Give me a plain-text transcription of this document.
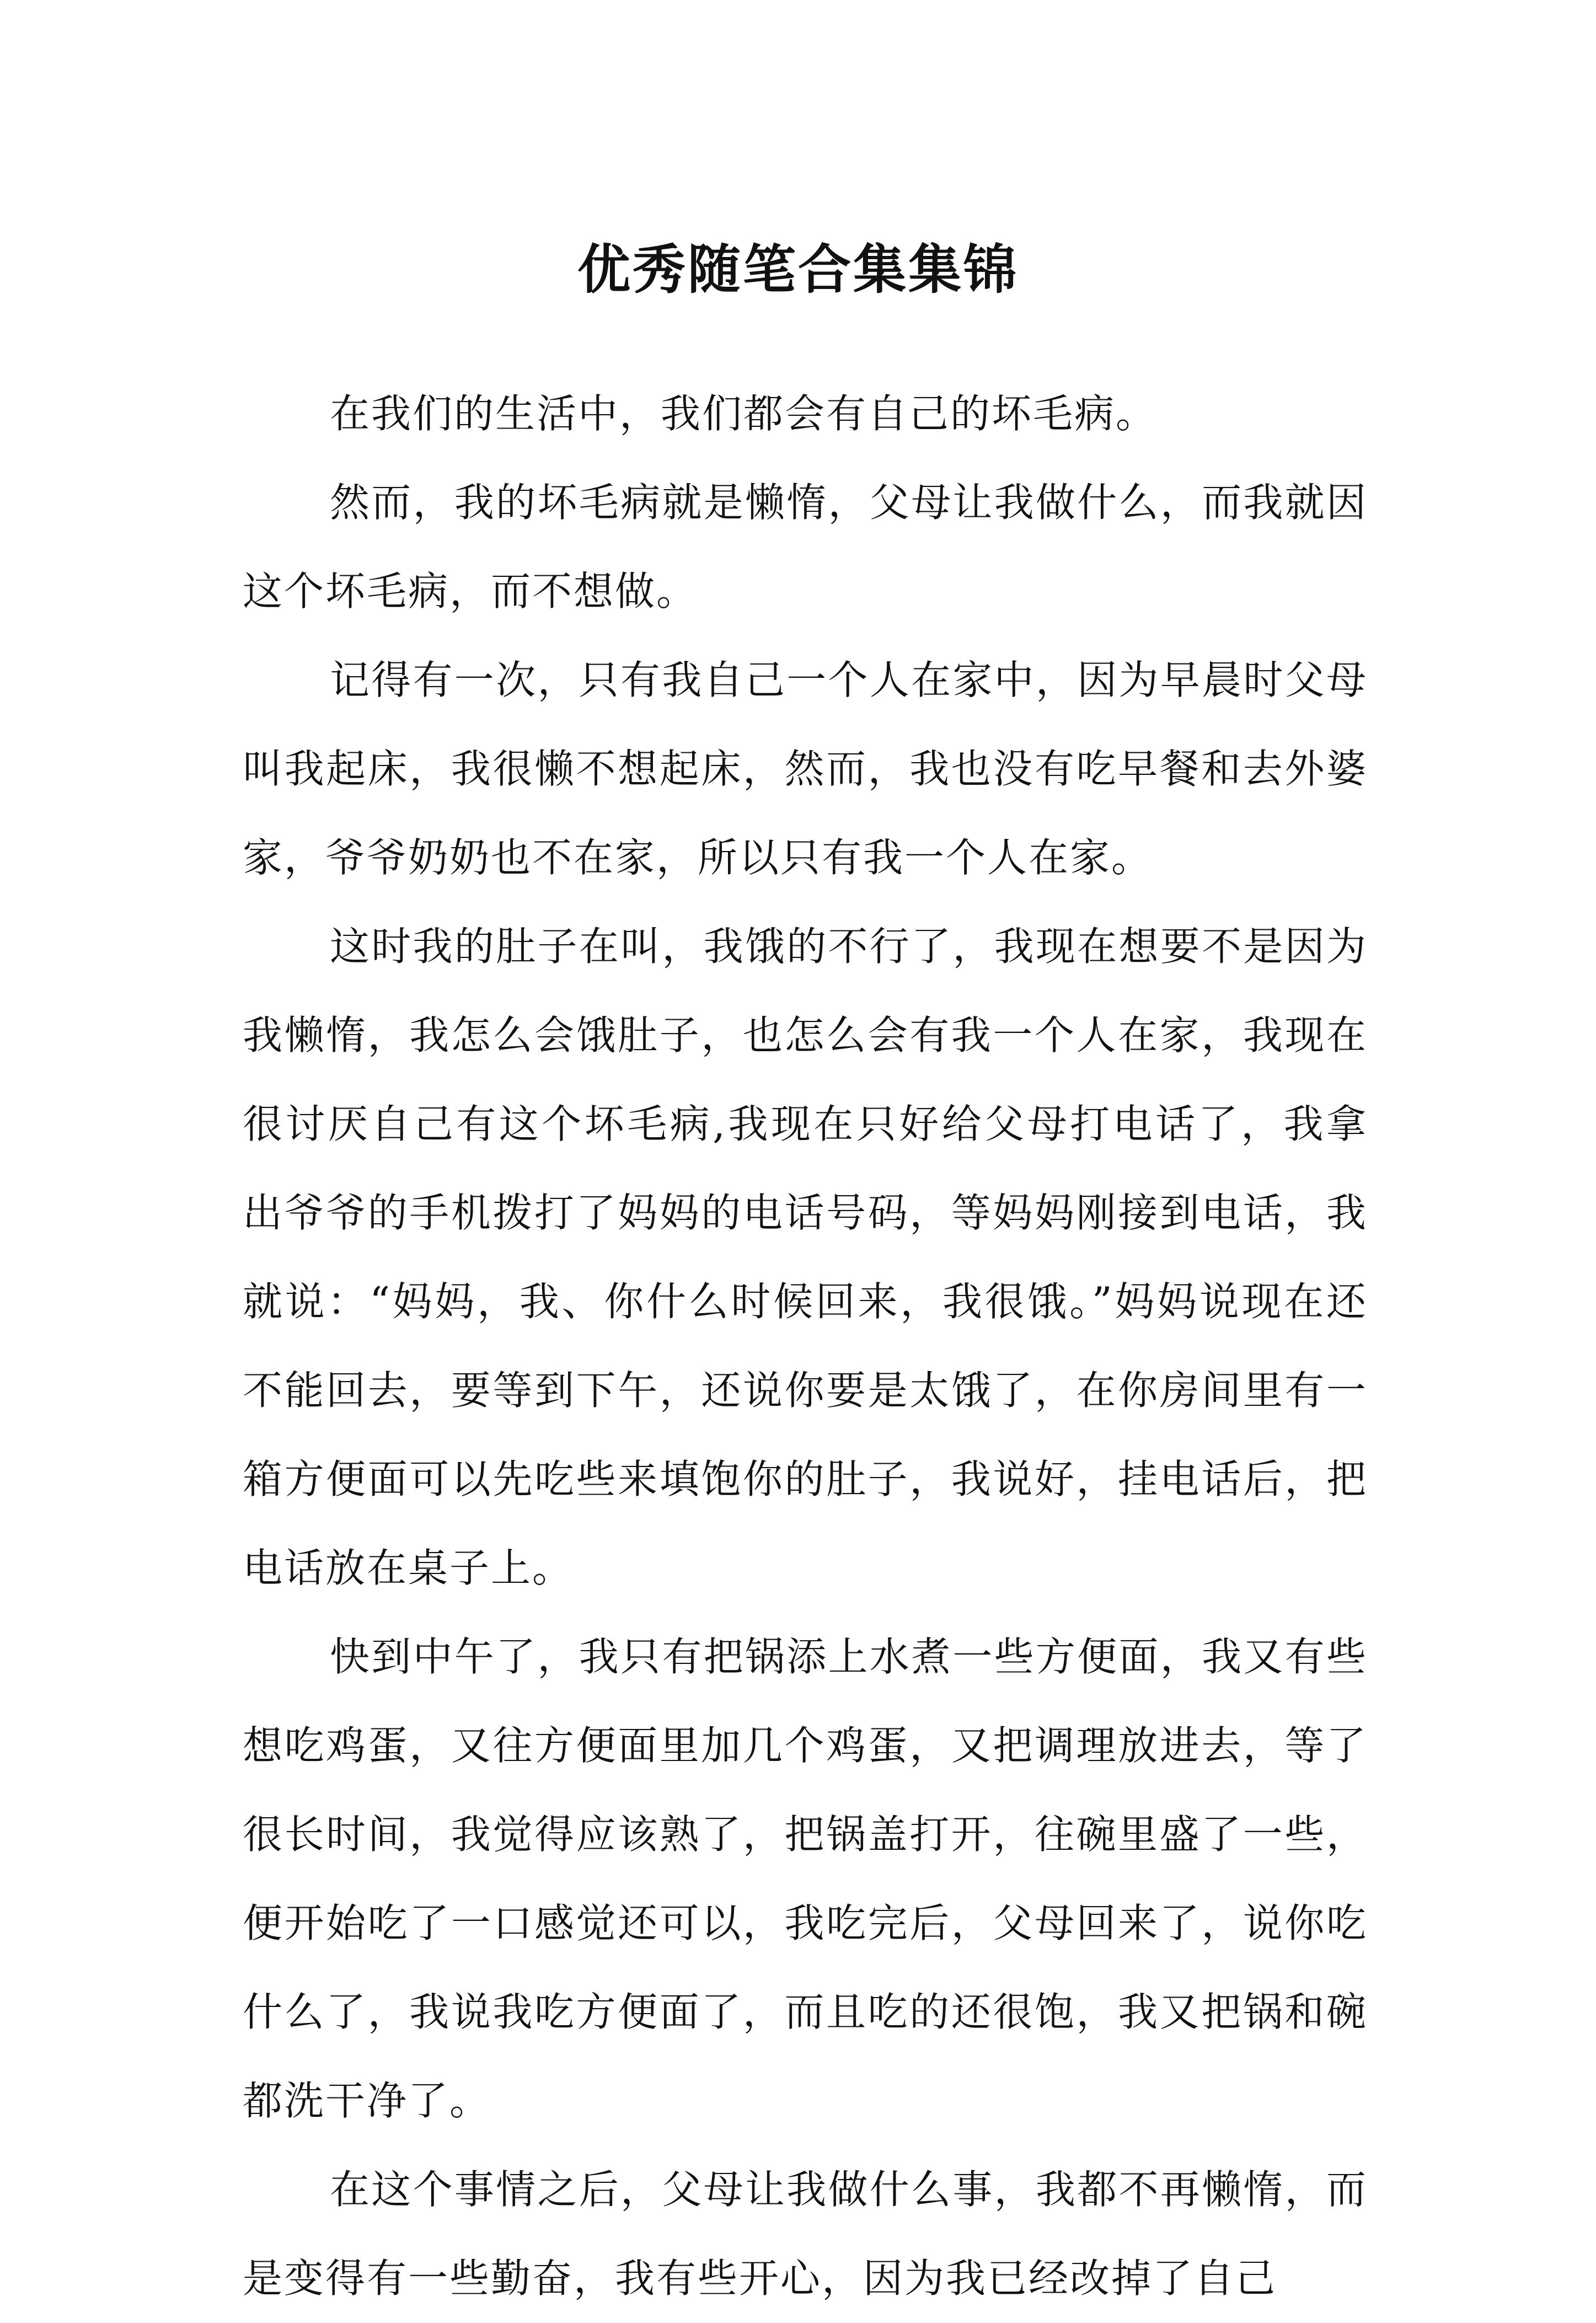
优秀随笔合集集锦

在我们的生活中，我们都会有自己的坏毛病。

然而，我的坏毛病就是懒惰，父母让我做什么，而我就因这个坏毛病，而不想做。

记得有一次，只有我自己一个人在家中，因为早晨时父母叫我起床，我很懒不想起床，然而，我也没有吃早餐和去外婆家，爷爷奶奶也不在家，所以只有我一个人在家。

这时我的肚子在叫，我饿的不行了，我现在想要不是因为我懒惰，我怎么会饿肚子，也怎么会有我一个人在家，我现在很讨厌自己有这个坏毛病,我现在只好给父母打电话了，我拿出爷爷的手机拨打了妈妈的电话号码，等妈妈刚接到电话，我就说：“妈妈，我、你什么时候回来，我很饿。”妈妈说现在还不能回去，要等到下午，还说你要是太饿了，在你房间里有一箱方便面可以先吃些来填饱你的肚子，我说好，挂电话后，把电话放在桌子上。

快到中午了，我只有把锅添上水煮一些方便面，我又有些想吃鸡蛋，又往方便面里加几个鸡蛋，又把调理放进去，等了很长时间，我觉得应该熟了，把锅盖打开，往碗里盛了一些，便开始吃了一口感觉还可以，我吃完后，父母回来了，说你吃什么了，我说我吃方便面了，而且吃的还很饱，我又把锅和碗都洗干净了。

在这个事情之后，父母让我做什么事，我都不再懒惰，而是变得有一些勤奋，我有些开心，因为我已经改掉了自己
